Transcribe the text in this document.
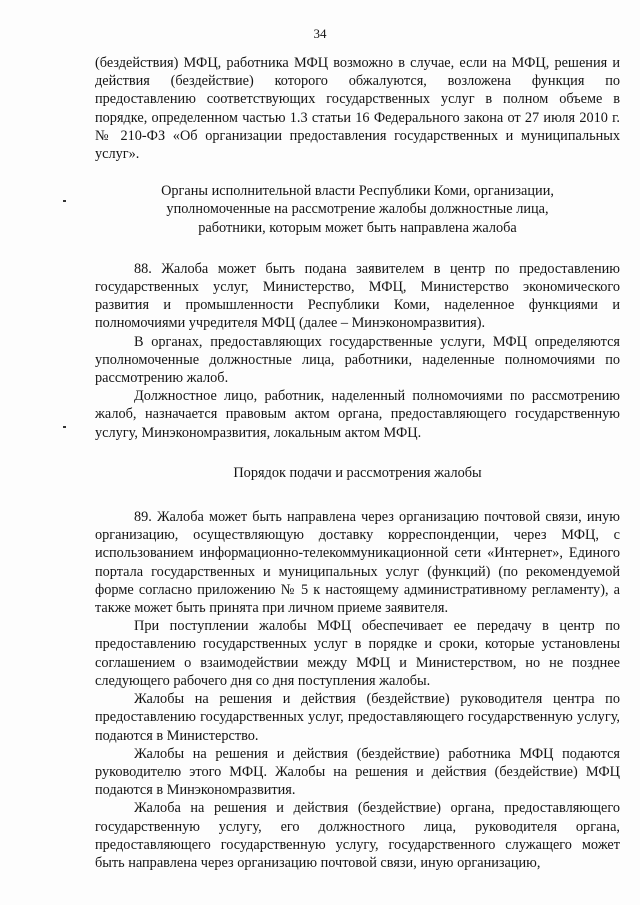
34

(бездействия) МФЦ, работника МФЦ возможно в случае, если на МФЦ, решения и действия (бездействие) которого обжалуются, возложена функция по предоставлению соответствующих государственных услуг в полном объеме в порядке, определенном частью 1.3 статьи 16 Федерального закона от 27 июля 2010 г. № 210-ФЗ «Об организации предоставления государственных и муниципальных услуг».

Органы исполнительной власти Республики Коми, организации,
уполномоченные на рассмотрение жалобы должностные лица,
работники, которым может быть направлена жалоба

88. Жалоба может быть подана заявителем в центр по предоставлению государственных услуг, Министерство, МФЦ, Министерство экономического развития и промышленности Республики Коми, наделенное функциями и полномочиями учредителя МФЦ (далее – Минэкономразвития).

В органах, предоставляющих государственные услуги, МФЦ определяются уполномоченные должностные лица, работники, наделенные полномочиями по рассмотрению жалоб.

Должностное лицо, работник, наделенный полномочиями по рассмотрению жалоб, назначается правовым актом органа, предоставляющего государственную услугу, Минэкономразвития, локальным актом МФЦ.

Порядок подачи и рассмотрения жалобы

89. Жалоба может быть направлена через организацию почтовой связи, иную организацию, осуществляющую доставку корреспонденции, через МФЦ, с использованием информационно-телекоммуникационной сети «Интернет», Единого портала государственных и муниципальных услуг (функций) (по рекомендуемой форме согласно приложению № 5 к настоящему административному регламенту), а также может быть принята при личном приеме заявителя.

При поступлении жалобы МФЦ обеспечивает ее передачу в центр по предоставлению государственных услуг в порядке и сроки, которые установлены соглашением о взаимодействии между МФЦ и Министерством, но не позднее следующего рабочего дня со дня поступления жалобы.

Жалобы на решения и действия (бездействие) руководителя центра по предоставлению государственных услуг, предоставляющего государственную услугу, подаются в Министерство.

Жалобы на решения и действия (бездействие) работника МФЦ подаются руководителю этого МФЦ. Жалобы на решения и действия (бездействие) МФЦ подаются в Минэкономразвития.

Жалоба на решения и действия (бездействие) органа, предоставляющего государственную услугу, его должностного лица, руководителя органа, предоставляющего государственную услугу, государственного служащего может быть направлена через организацию почтовой связи, иную организацию,
